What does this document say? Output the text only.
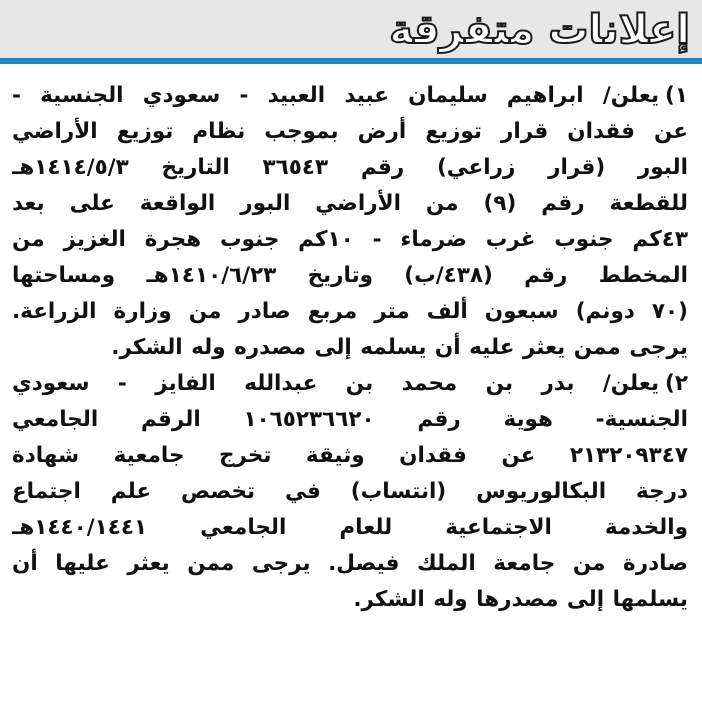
إعلانات متفرقة
١)يعلن/ ابراهيم سليمان عبيد العبيد - سعودي الجنسية -
عن فقدان قرار توزيع أرض بموجب نظام توزيع الأراضي
البور (قرار زراعي) رقم ٣٦٥٤٣ التاريخ ١٤١٤/٥/٣هـ
للقطعة رقم (٩) من الأراضي البور الواقعة على بعد
٤٣كم جنوب غرب ضرماء - ١٠كم جنوب هجرة الغزيز من
المخطط رقم (٤٣٨/ب) وتاريخ ١٤١٠/٦/٢٣هـ ومساحتها
(٧٠ دونم) سبعون ألف متر مربع صادر من وزارة الزراعة.
يرجى ممن يعثر عليه أن يسلمه إلى مصدره وله الشكر.
٢)يعلن/ بدر بن محمد بن عبدالله الفايز - سعودي
الجنسية- هوية رقم ١٠٦٥٢٣٦٦٢٠ الرقم الجامعي
٢١٣٢٠٩٣٤٧ عن فقدان وثيقة تخرج جامعية شهادة
درجة البكالوريوس (انتساب) في تخصص علم اجتماع
والخدمة الاجتماعية للعام الجامعي ١٤٤٠/١٤٤١هـ
صادرة من جامعة الملك فيصل. يرجى ممن يعثر عليها أن
يسلمها إلى مصدرها وله الشكر.
